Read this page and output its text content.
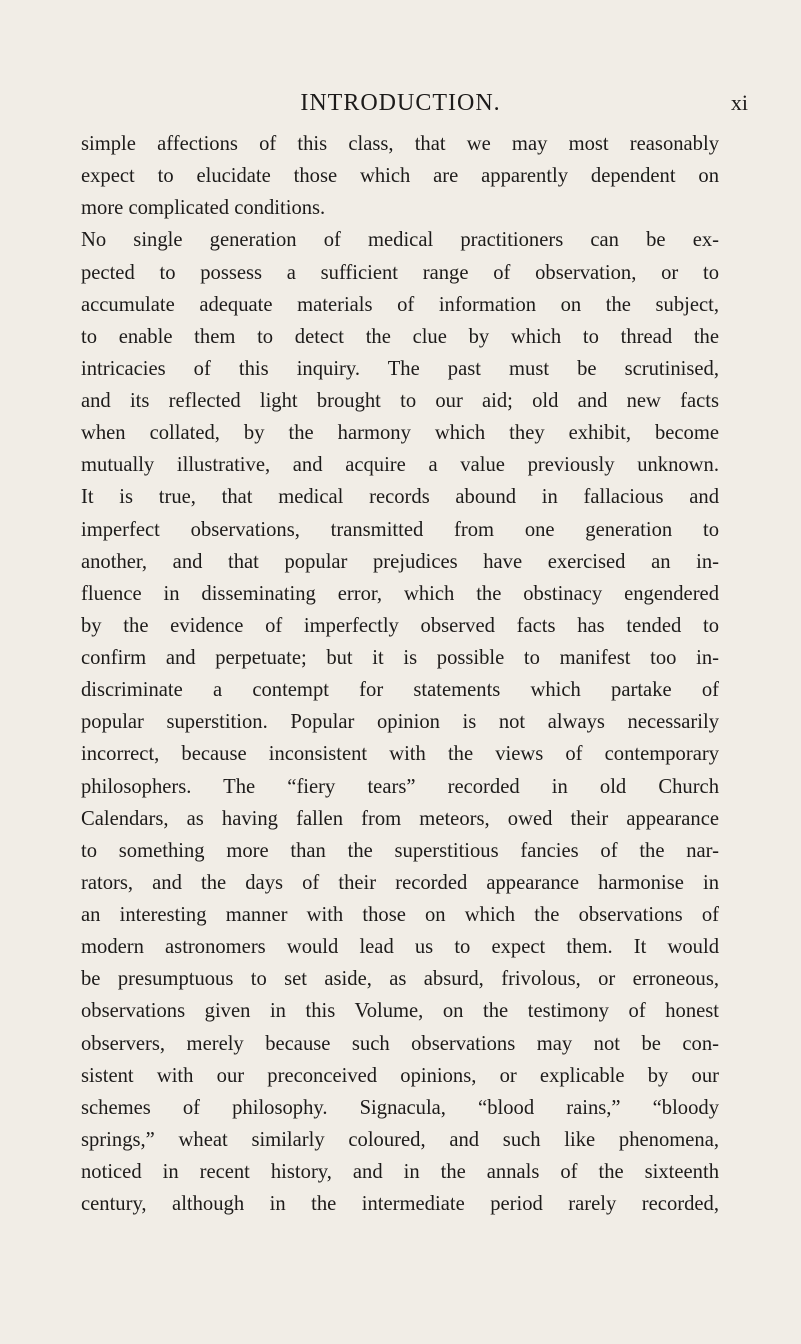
INTRODUCTION.	xi
simple affections of this class, that we may most reasonably
expect to elucidate those which are apparently dependent on
more complicated conditions.
No single generation of medical practitioners can be ex-
pected to possess a sufficient range of observation, or to
accumulate adequate materials of information on the subject,
to enable them to detect the clue by which to thread the
intricacies of this inquiry. The past must be scrutinised,
and its reflected light brought to our aid; old and new facts
when collated, by the harmony which they exhibit, become
mutually illustrative, and acquire a value previously unknown.
It is true, that medical records abound in fallacious and
imperfect observations, transmitted from one generation to
another, and that popular prejudices have exercised an in-
fluence in disseminating error, which the obstinacy engendered
by the evidence of imperfectly observed facts has tended to
confirm and perpetuate; but it is possible to manifest too in-
discriminate a contempt for statements which partake of
popular superstition. Popular opinion is not always necessarily
incorrect, because inconsistent with the views of contemporary
philosophers. The “fiery tears” recorded in old Church
Calendars, as having fallen from meteors, owed their appearance
to something more than the superstitious fancies of the nar-
rators, and the days of their recorded appearance harmonise in
an interesting manner with those on which the observations of
modern astronomers would lead us to expect them. It would
be presumptuous to set aside, as absurd, frivolous, or erroneous,
observations given in this Volume, on the testimony of honest
observers, merely because such observations may not be con-
sistent with our preconceived opinions, or explicable by our
schemes of philosophy. Signacula, “blood rains,” “bloody
springs,” wheat similarly coloured, and such like phenomena,
noticed in recent history, and in the annals of the sixteenth
century, although in the intermediate period rarely recorded,
